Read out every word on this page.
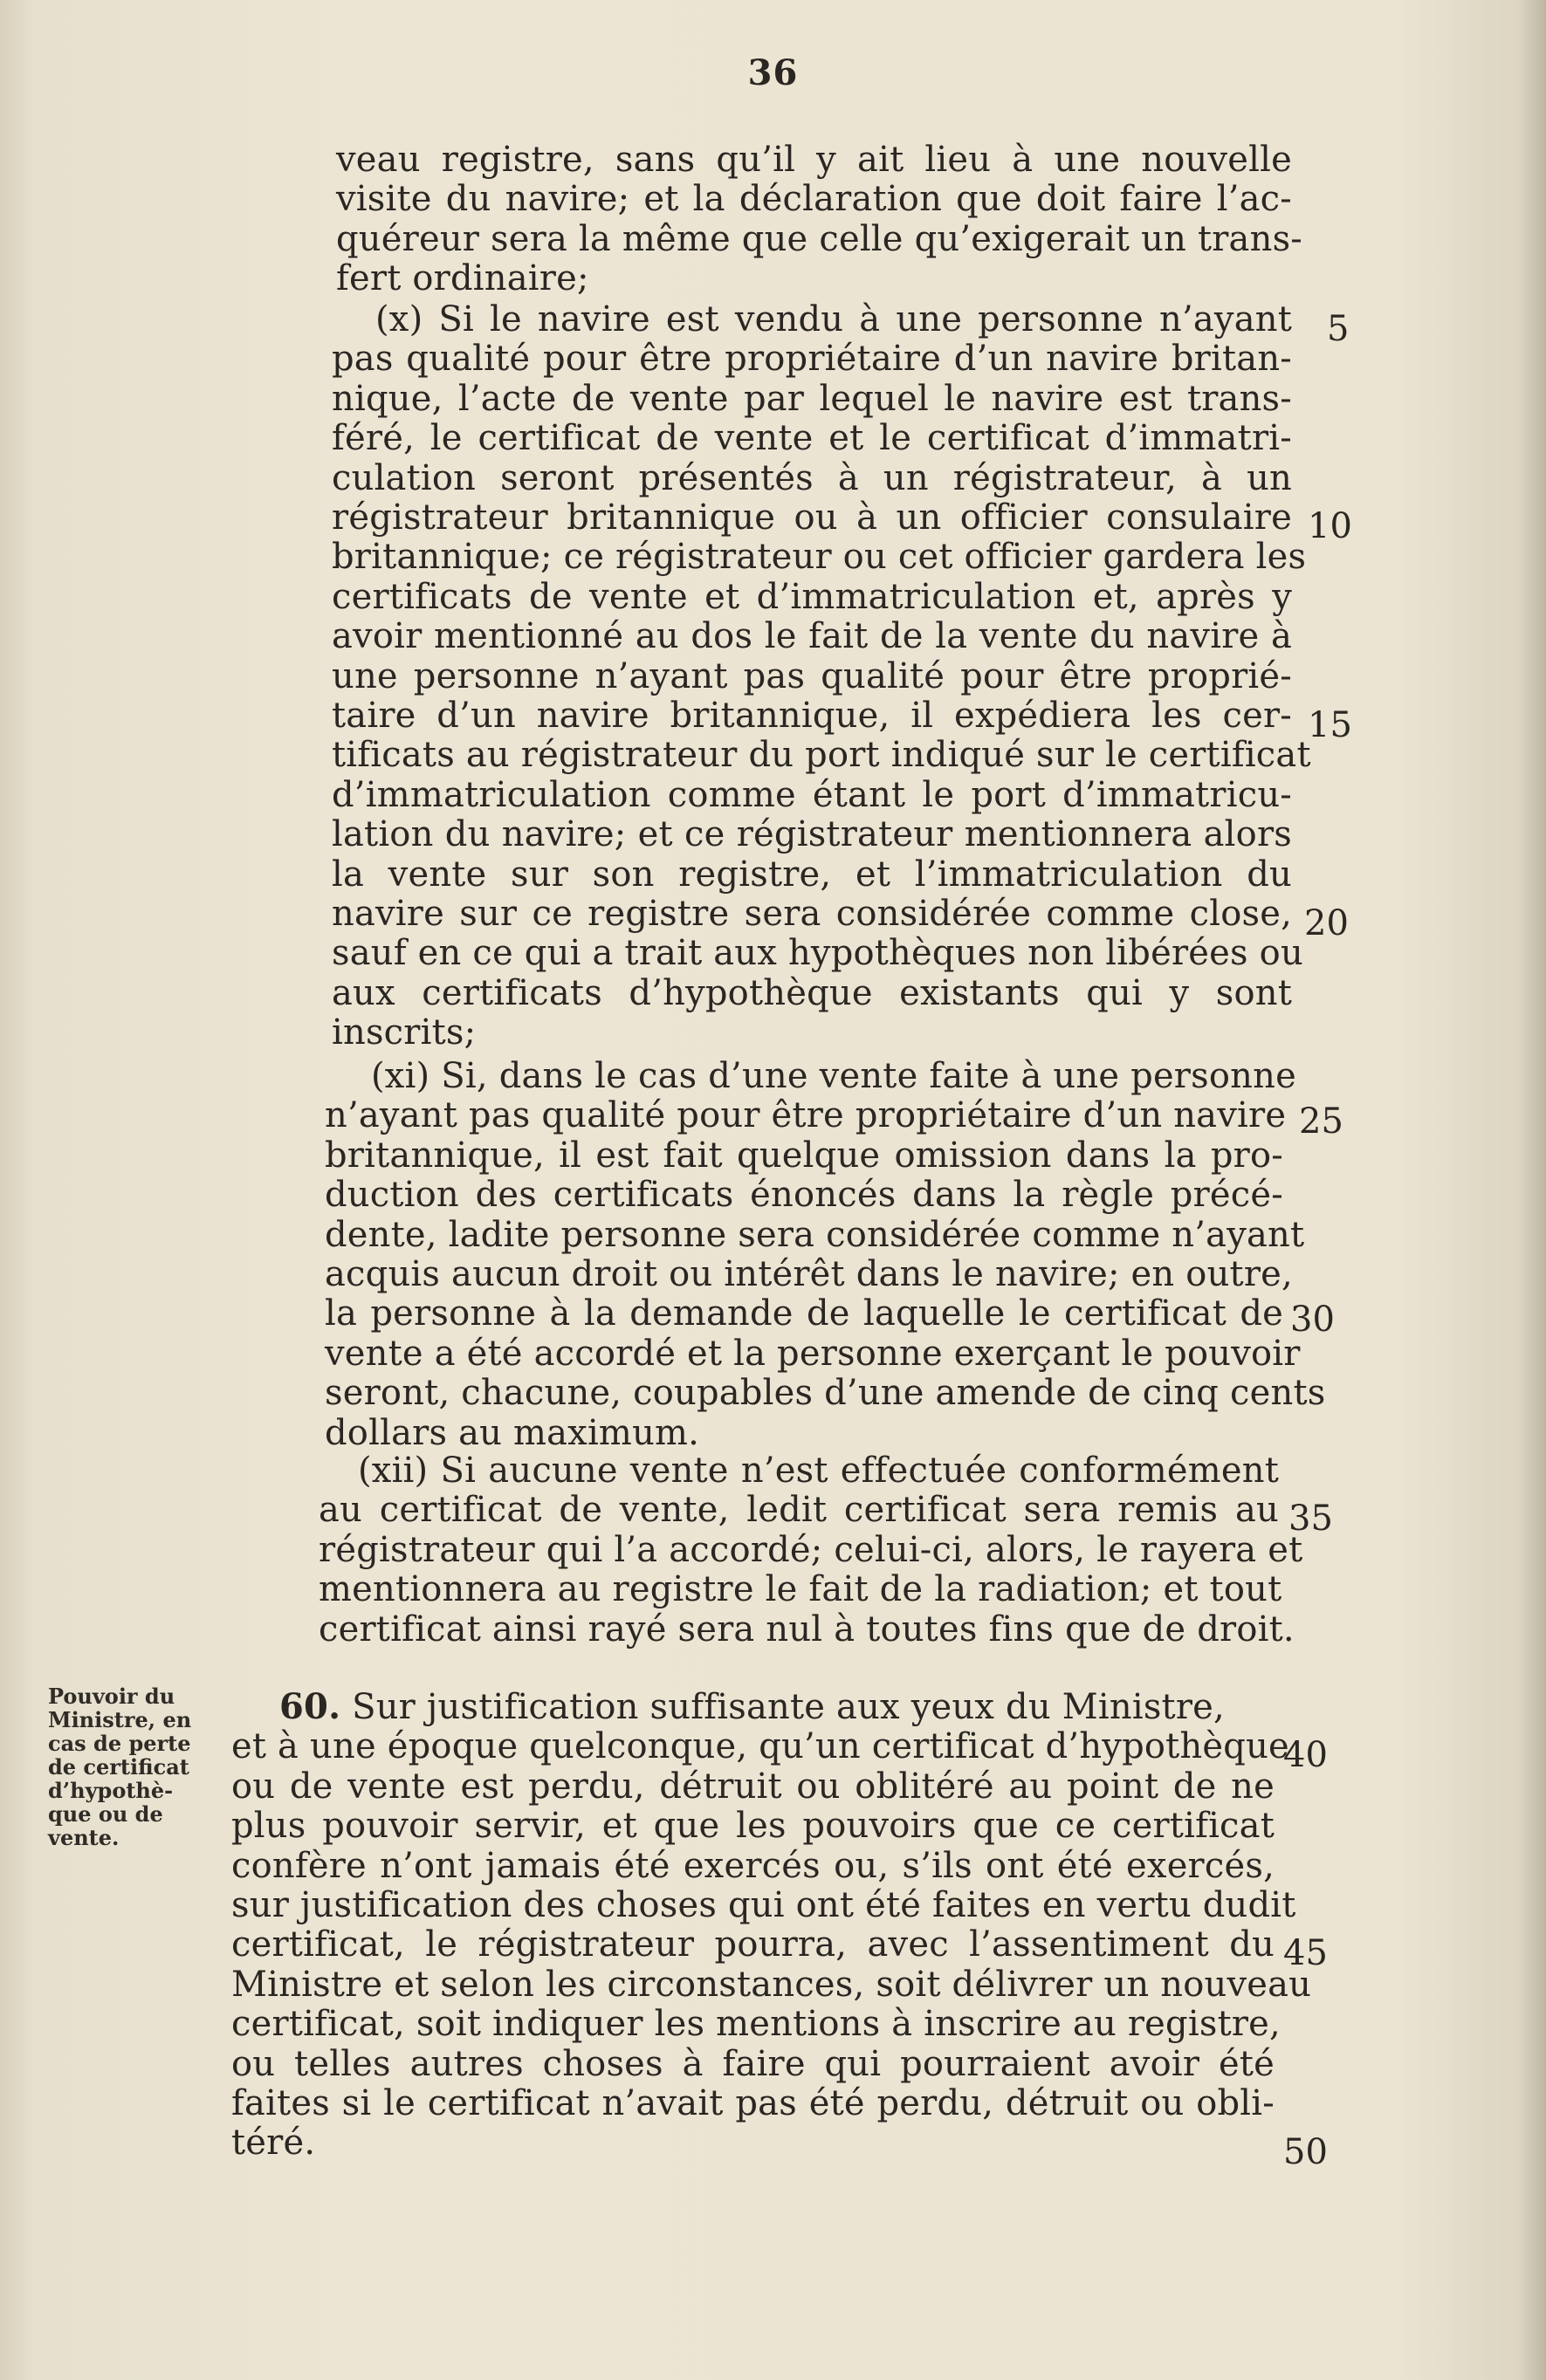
36
veau registre, sans qu’il y ait lieu à une nouvelle
visite du navire; et la déclaration que doit faire l’ac-
quéreur sera la même que celle qu’exigerait un trans-
fert ordinaire;
(x) Si le navire est vendu à une personne n’ayant
pas qualité pour être propriétaire d’un navire britan-
nique, l’acte de vente par lequel le navire est trans-
féré, le certificat de vente et le certificat d’immatri-
culation seront présentés à un régistrateur, à un
régistrateur britannique ou à un officier consulaire
britannique; ce régistrateur ou cet officier gardera les
certificats de vente et d’immatriculation et, après y
avoir mentionné au dos le fait de la vente du navire à
une personne n’ayant pas qualité pour être proprié-
taire d’un navire britannique, il expédiera les cer-
tificats au régistrateur du port indiqué sur le certificat
d’immatriculation comme étant le port d’immatricu-
lation du navire; et ce régistrateur mentionnera alors
la vente sur son registre, et l’immatriculation du
navire sur ce registre sera considérée comme close,
sauf en ce qui a trait aux hypothèques non libérées ou
aux certificats d’hypothèque existants qui y sont
inscrits;
(xi) Si, dans le cas d’une vente faite à une personne
n’ayant pas qualité pour être propriétaire d’un navire
britannique, il est fait quelque omission dans la pro-
duction des certificats énoncés dans la règle précé-
dente, ladite personne sera considérée comme n’ayant
acquis aucun droit ou intérêt dans le navire; en outre,
la personne à la demande de laquelle le certificat de
vente a été accordé et la personne exerçant le pouvoir
seront, chacune, coupables d’une amende de cinq cents
dollars au maximum.
(xii) Si aucune vente n’est effectuée conformément
au certificat de vente, ledit certificat sera remis au
régistrateur qui l’a accordé; celui-ci, alors, le rayera et
mentionnera au registre le fait de la radiation; et tout
certificat ainsi rayé sera nul à toutes fins que de droit.
60. Sur justification suffisante aux yeux du Ministre,
et à une époque quelconque, qu’un certificat d’hypothèque
ou de vente est perdu, détruit ou oblitéré au point de ne
plus pouvoir servir, et que les pouvoirs que ce certificat
confère n’ont jamais été exercés ou, s’ils ont été exercés,
sur justification des choses qui ont été faites en vertu dudit
certificat, le régistrateur pourra, avec l’assentiment du
Ministre et selon les circonstances, soit délivrer un nouveau
certificat, soit indiquer les mentions à inscrire au registre,
ou telles autres choses à faire qui pourraient avoir été
faites si le certificat n’avait pas été perdu, détruit ou obli-
téré.
Pouvoir du
Ministre, en
cas de perte
de certificat
d’hypothè-
que ou de
vente.
5
10
15
20
25
30
35
40
45
50
